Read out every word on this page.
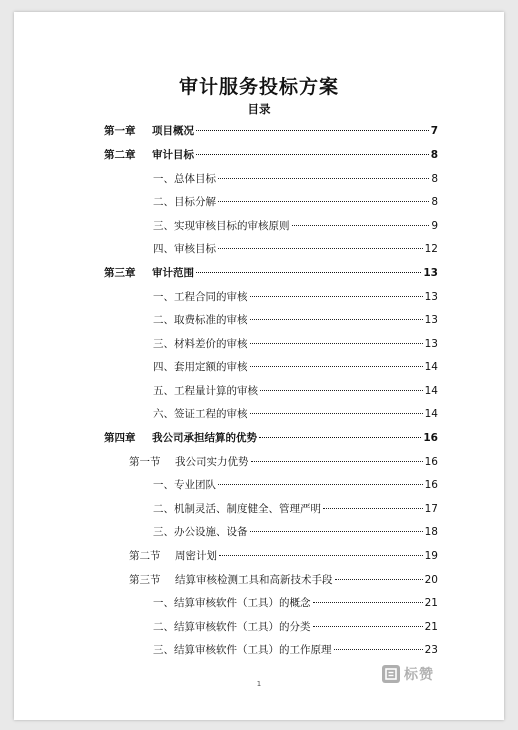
审计服务投标方案
目录
第一章	项目概况	7
第二章	审计目标	8
一、总体目标	8
二、目标分解	8
三、实现审核目标的审核原则	9
四、审核目标	12
第三章	审计范围	13
一、工程合同的审核	13
二、取费标准的审核	13
三、材料差价的审核	13
四、套用定额的审核	14
五、工程量计算的审核	14
六、签证工程的审核	14
第四章	我公司承担结算的优势	16
第一节	我公司实力优势	16
一、专业团队	16
二、机制灵活、制度健全、管理严明	17
三、办公设施、设备	18
第二节	周密计划	19
第三节	结算审核检测工具和高新技术手段	20
一、结算审核软件（工具）的概念	21
二、结算审核软件（工具）的分类	21
三、结算审核软件（工具）的工作原理	23
1
标赞
